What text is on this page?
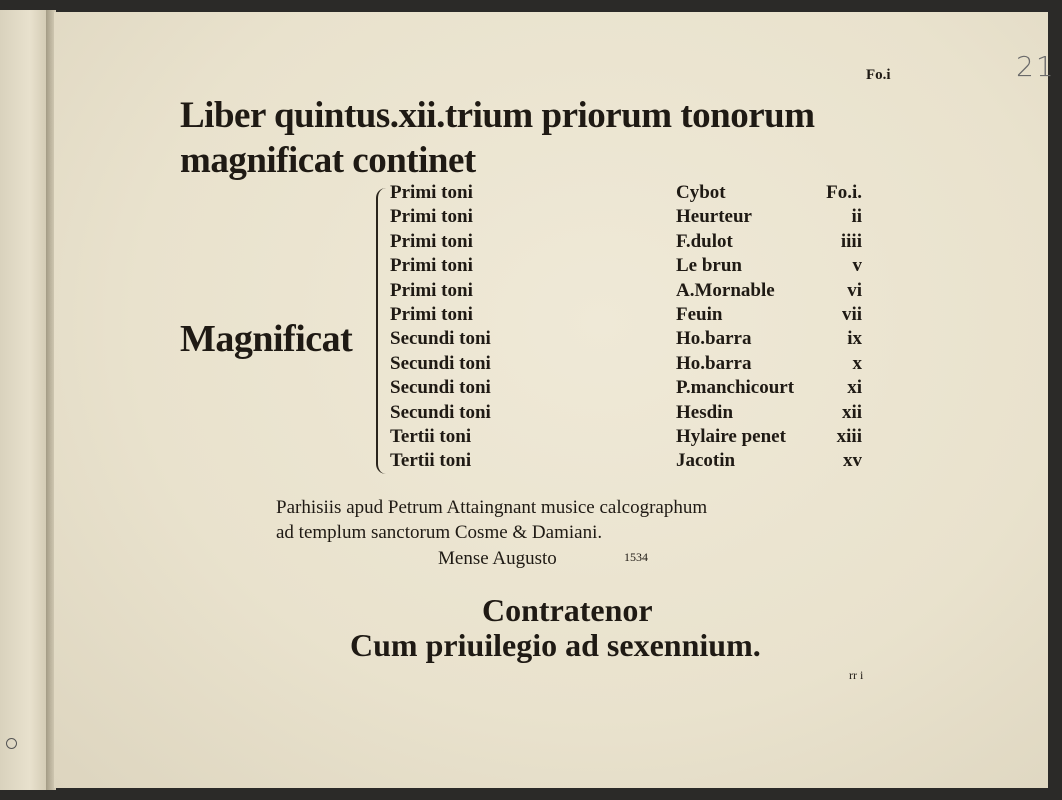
Fo.i	21
Liber quintus.xii.trium priorum tonorum
magnificat continet
Magnificat
Primi toni	Cybot	Fo.i.
Primi toni	Heurteur	ii
Primi toni	F.dulot	iiii
Primi toni	Le brun	v
Primi toni	A.Mornable	vi
Primi toni	Feuin	vii
Secundi toni	Ho.barra	ix
Secundi toni	Ho.barra	x
Secundi toni	P.manchicourt	xi
Secundi toni	Hesdin	xii
Tertii toni	Hylaire penet	xiii
Tertii toni	Jacotin	xv
Parhisiis apud Petrum Attaingnant musice calcographum
ad templum sanctorum Cosme & Damiani.
Mense Augusto	1534
Contratenor
Cum priuilegio ad sexennium.
rr i
